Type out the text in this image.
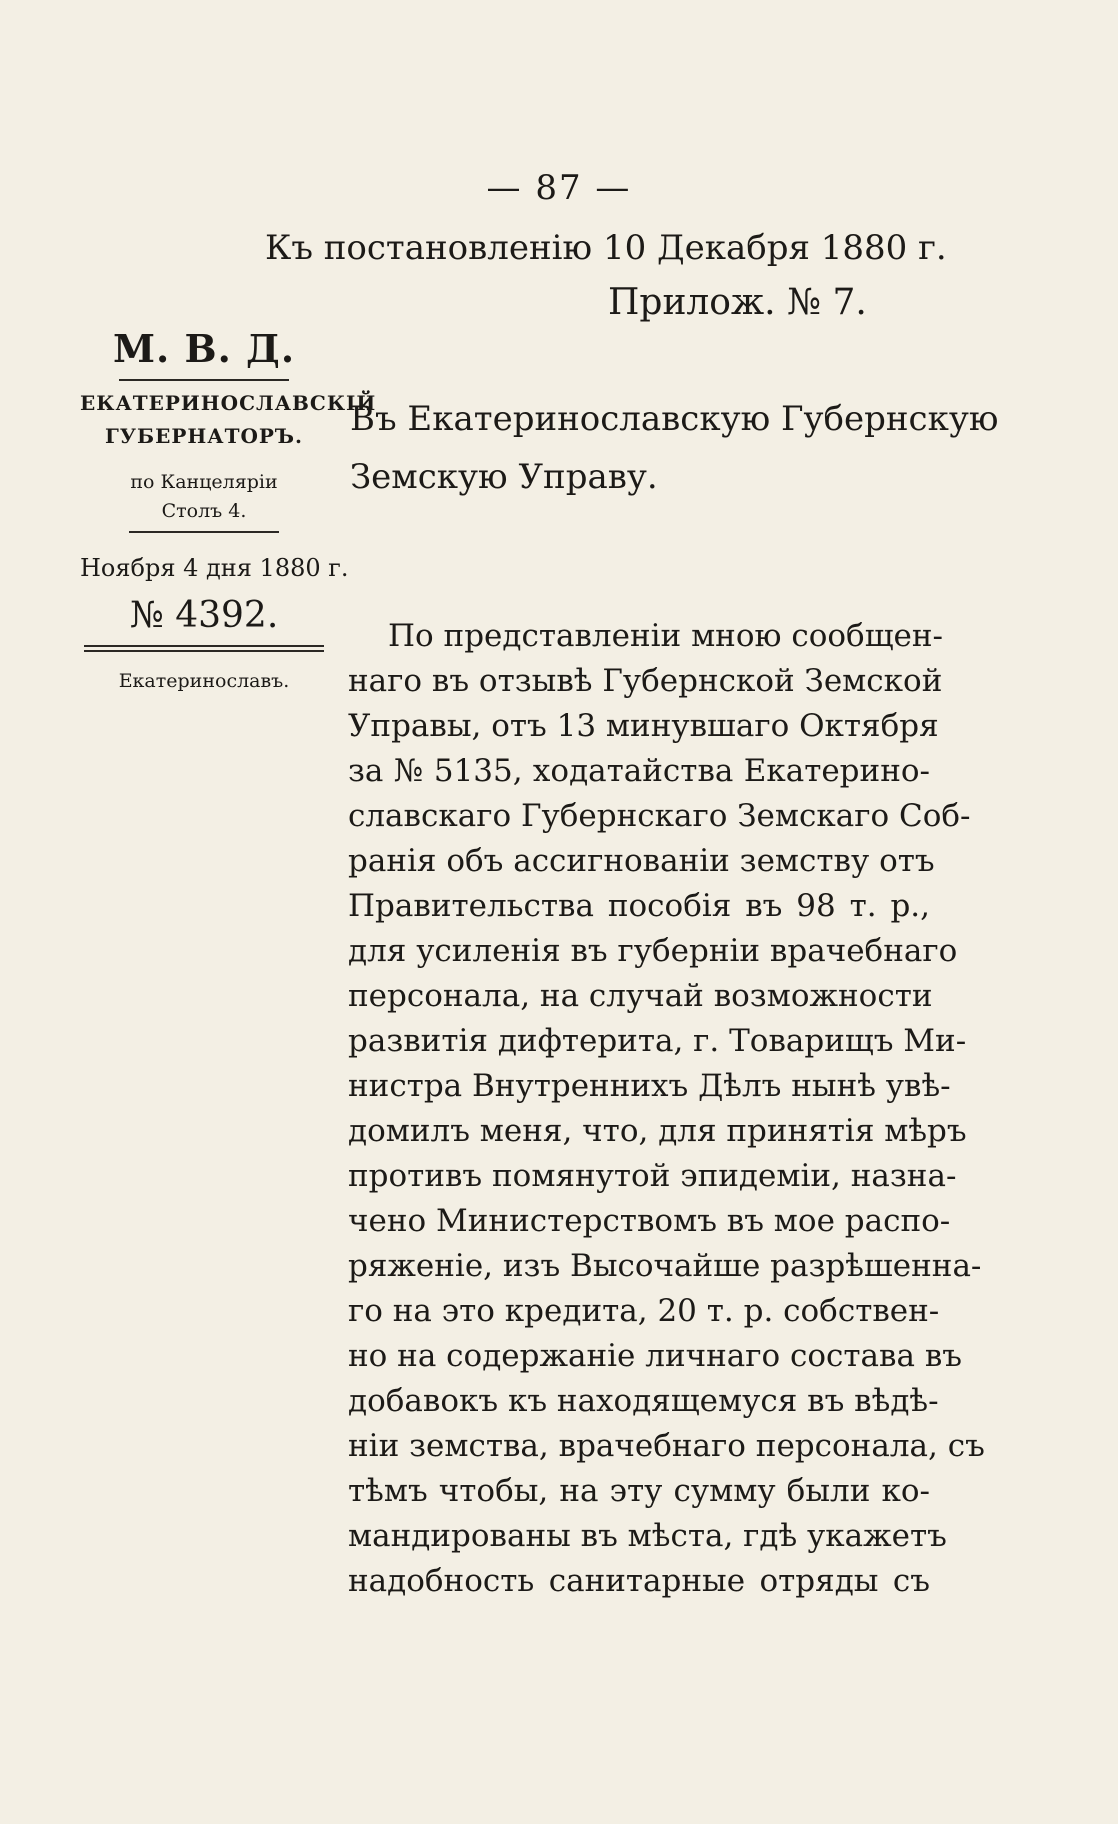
— 87 —
Къ постановленію 10 Декабря 1880 г.
Прилож. № 7.
М. В. Д.
ЕКАТЕРИНОСЛАВСКІЙ
ГУБЕРНАТОРЪ.
по Канцеляріи
Столъ 4.
Ноября 4 дня 1880 г.
№ 4392.
Екатеринославъ.
Въ Екатеринославскую Губернскую
Земскую Управу.
По представленіи мною сообщен-
наго въ отзывѣ Губернской Земской
Управы, отъ 13 минувшаго Октября
за № 5135, ходатайства Екатерино-
славскаго Губернскаго Земскаго Соб-
ранія объ ассигнованіи земству отъ
Правительства пособія въ 98 т. р.,
для усиленія въ губерніи врачебнаго
персонала, на случай возможности
развитія дифтерита, г. Товарищъ Ми-
нистра Внутреннихъ Дѣлъ нынѣ увѣ-
домилъ меня, что, для принятія мѣръ
противъ помянутой эпидеміи, назна-
чено Министерствомъ въ мое распо-
ряженіе, изъ Высочайше разрѣшенна-
го на это кредита, 20 т. р. собствен-
но на содержаніе личнаго состава въ
добавокъ къ находящемуся въ вѣдѣ-
ніи земства, врачебнаго персонала, съ
тѣмъ чтобы, на эту сумму были ко-
мандированы въ мѣста, гдѣ укажетъ
надобность санитарные отряды съ
